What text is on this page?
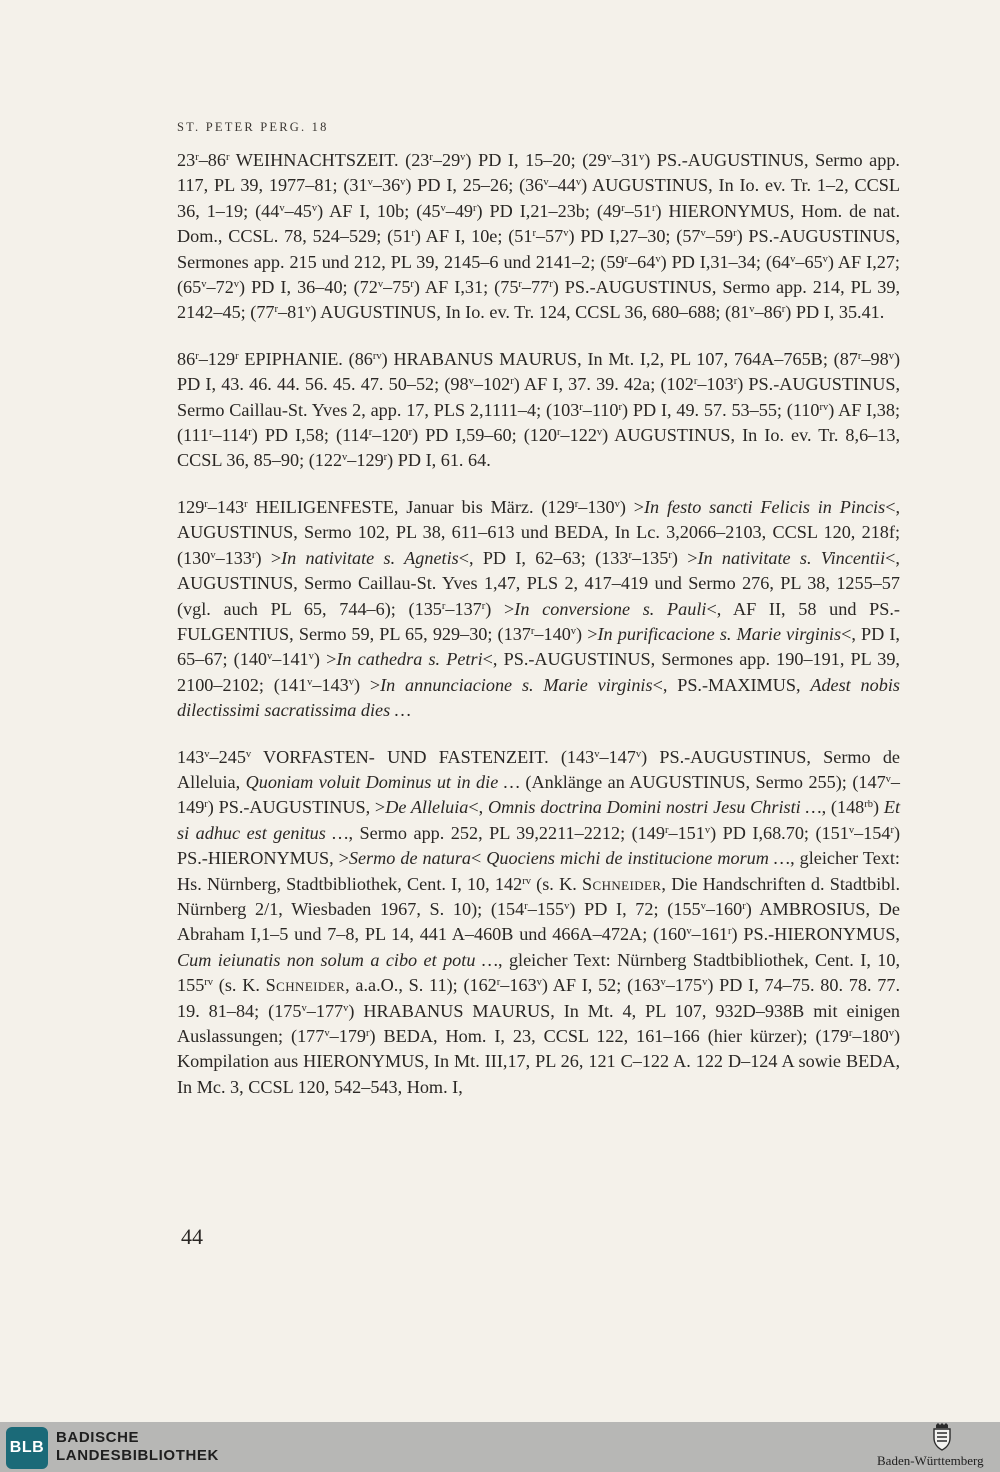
ST. PETER PERG. 18

23$^r$–86$^r$ WEIHNACHTSZEIT. (23$^r$–29$^v$) PD I, 15–20; (29$^v$–31$^v$) PS.-AUGUSTINUS, Sermo app. 117, PL 39, 1977–81; (31$^v$–36$^v$) PD I, 25–26; (36$^v$–44$^v$) AUGUSTINUS, In Io. ev. Tr. 1–2, CCSL 36, 1–19; (44$^v$–45$^v$) AF I, 10b; (45$^v$–49$^r$) PD I,21–23b; (49$^r$–51$^r$) HIERONYMUS, Hom. de nat. Dom., CCSL. 78, 524–529; (51$^r$) AF I, 10e; (51$^r$–57$^v$) PD I,27–30; (57$^v$–59$^r$) PS.-AUGUSTINUS, Sermones app. 215 und 212, PL 39, 2145–6 und 2141–2; (59$^r$–64$^v$) PD I,31–34; (64$^v$–65$^v$) AF I,27; (65$^v$–72$^v$) PD I, 36–40; (72$^v$–75$^r$) AF I,31; (75$^r$–77$^r$) PS.-AUGUSTINUS, Sermo app. 214, PL 39, 2142–45; (77$^r$–81$^v$) AUGUSTINUS, In Io. ev. Tr. 124, CCSL 36, 680–688; (81$^v$–86$^r$) PD I, 35.41.

86$^r$–129$^r$ EPIPHANIE. $(86^{rv})$ HRABANUS MAURUS, In Mt. I,2, PL 107, 764A–765B; (87$^r$–98$^v$) PD I, 43. 46. 44. 56. 45. 47. 50–52; (98$^v$–102$^r$) AF I, 37. 39. 42a; (102$^r$–103$^r$) PS.-AUGUSTINUS, Sermo Caillau-St. Yves 2, app. 17, PLS 2,1111–4; (103$^r$–110$^r$) PD I, 49. 57. 53–55; $(110^{rv})$ AF I,38; (111$^r$–114$^r$) PD I,58; (114$^r$–120$^r$) PD I,59–60; (120$^r$–122$^v$) AUGUSTINUS, In Io. ev. Tr. 8,6–13, CCSL 36, 85–90; (122$^v$–129$^r$) PD I, 61. 64.

129$^r$–143$^r$ HEILIGENFESTE, Januar bis März. $(129^r-130^v) >In$ festo sancti Felicis in Pincis<, AUGUSTINUS, Sermo 102, PL 38, 611–613 und BEDA, In Lc. 3,2066–2103, CCSL 120, 218f; $(130^v-133^r) >In$ nativitate s. Agnetis<, PD I, 62–63; $(133^r-135^r) >In$ nativitate s. Vincentii<, AUGUSTINUS, Sermo Caillau-St. Yves 1,47, PLS 2, 417–419 und Sermo 276, PL 38, 1255–57 (vgl. auch PL 65, 744–6); $(135^r-137^r) >In$ conversione s. Pauli<, AF II, 58 und PS.-FULGENTIUS, Sermo 59, PL 65, 929–30; $(137^r-140^v) >In$ purificacione s. Marie virginis<, PD I, 65–67; $(140^v-141^v) >In$ cathedra s. Petri<, PS.-AUGUSTINUS, Sermones app. 190–191, PL 39, 2100–2102; $(141^v-143^v) >In$ annunciacione s. Marie virginis<, PS.-MAXIMUS, Adest nobis dilectissimi sacratissima dies …

143$^v$–245$^v$ VORFASTEN- UND FASTENZEIT. (143$^v$–147$^v$) PS.-AUGUSTINUS, Sermo de Alleluia, Quoniam voluit Dominus ut in die … (Anklänge an AUGUSTINUS, Sermo 255); (147$^v$–149$^r$) PS.-AUGUSTINUS, >De Alleluia<, Omnis doctrina Domini nostri Jesu Christi …, $(148^{rb})$ Et si adhuc est genitus …, Sermo app. 252, PL 39,2211–2212; (149$^r$–151$^v$) PD I,68.70; (151$^v$–154$^r$) PS.-HIERONYMUS, >Sermo de natura< Quociens michi de institucione morum …, gleicher Text: Hs. Nürnberg, Stadtbibliothek, Cent. I, 10, $142^{rv}$ (s. K. Schneider, Die Handschriften d. Stadtbibl. Nürnberg 2/1, Wiesbaden 1967, S. 10); (154$^r$–155$^v$) PD I, 72; (155$^v$–160$^r$) AMBROSIUS, De Abraham I,1–5 und 7–8, PL 14, 441 A–460B und 466A–472A; (160$^v$–161$^r$) PS.-HIERONYMUS, Cum ieiunatis non solum a cibo et potu …, gleicher Text: Nürnberg Stadtbibliothek, Cent. I, 10, $155^{rv}$ (s. K. Schneider, a.a.O., S. 11); (162$^r$–163$^v$) AF I, 52; (163$^v$–175$^v$) PD I, 74–75. 80. 78. 77. 19. 81–84; (175$^v$–177$^v$) HRABANUS MAURUS, In Mt. 4, PL 107, 932D–938B mit einigen Auslassungen; (177$^v$–179$^r$) BEDA, Hom. I, 23, CCSL 122, 161–166 (hier kürzer); (179$^r$–180$^v$) Kompilation aus HIERONYMUS, In Mt. III,17, PL 26, 121 C–122 A. 122 D–124 A sowie BEDA, In Mc. 3, CCSL 120, 542–543, Hom. I,

44
BLB
BADISCHE
LANDESBIBLIOTHEK	Baden-Württemberg
